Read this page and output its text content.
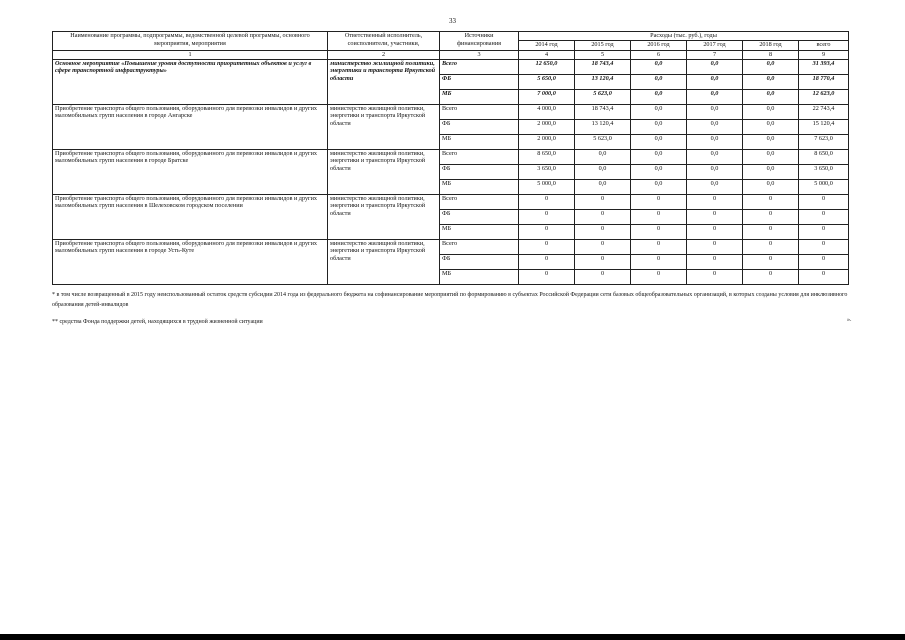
33
Наименование программы, подпрограммы, ведомственной целевой программы, основного мероприятия, мероприятия	Ответственный исполнитель, соисполнители, участники,	Источники финансирования	Расходы (тыс. руб.), годы					
			2014 год	2015 год	2016 год	2017 год	2018 год	всего
1	2	3	4	5	6	7	8	9
Основное мероприятие «Повышение уровня доступности приоритетных объектов и услуг в сфере транспортной инфраструктуры»	министерство жилищной политики, энергетики и транспорта Иркутской области	Всего	12 650,0	18 743,4	0,0	0,0	0,0	31 393,4
		ФБ	5 650,0	13 120,4	0,0	0,0	0,0	18 770,4
		МБ	7 000,0	5 623,0	0,0	0,0	0,0	12 623,0
Приобретение транспорта общего пользования, оборудованного для перевозки инвалидов и других маломобильных групп населения в городе Ангарске	министерство жилищной политики, энергетики и транспорта Иркутской области	Всего	4 000,0	18 743,4	0,0	0,0	0,0	22 743,4
		ФБ	2 000,0	13 120,4	0,0	0,0	0,0	15 120,4
		МБ	2 000,0	5 623,0	0,0	0,0	0,0	7 623,0
Приобретение транспорта общего пользования, оборудованного для перевозки инвалидов и других маломобильных групп населения в городе Братске	министерство жилищной политики, энергетики и транспорта Иркутской области	Всего	8 650,0	0,0	0,0	0,0	0,0	8 650,0
		ФБ	3 650,0	0,0	0,0	0,0	0,0	3 650,0
		МБ	5 000,0	0,0	0,0	0,0	0,0	5 000,0
Приобретение транспорта общего пользования, оборудованного для перевозки инвалидов и других маломобильных групп населения в Шелеховском городском поселении	министерство жилищной политики, энергетики и транспорта Иркутской области	Всего	0	0	0	0	0	0
		ФБ	0	0	0	0	0	0
		МБ	0	0	0	0	0	0
Приобретение транспорта общего пользования, оборудованного для перевозки инвалидов и других маломобильных групп населения в городе Усть-Куте	министерство жилищной политики, энергетики и транспорта Иркутской области	Всего	0	0	0	0	0	0
		ФБ	0	0	0	0	0	0
		МБ	0	0	0	0	0	0
* в том числе возвращенный в 2015 году неиспользованный остаток средств субсидии 2014 года из федерального бюджета на софинансирование мероприятий по формированию в субъектах Российской Федерации сети базовых общеобразовательных организаций, в которых созданы условия для инклюзивного образования детей-инвалидов
** средства Фонда поддержки детей, находящихся в трудной жизненной ситуации	».
